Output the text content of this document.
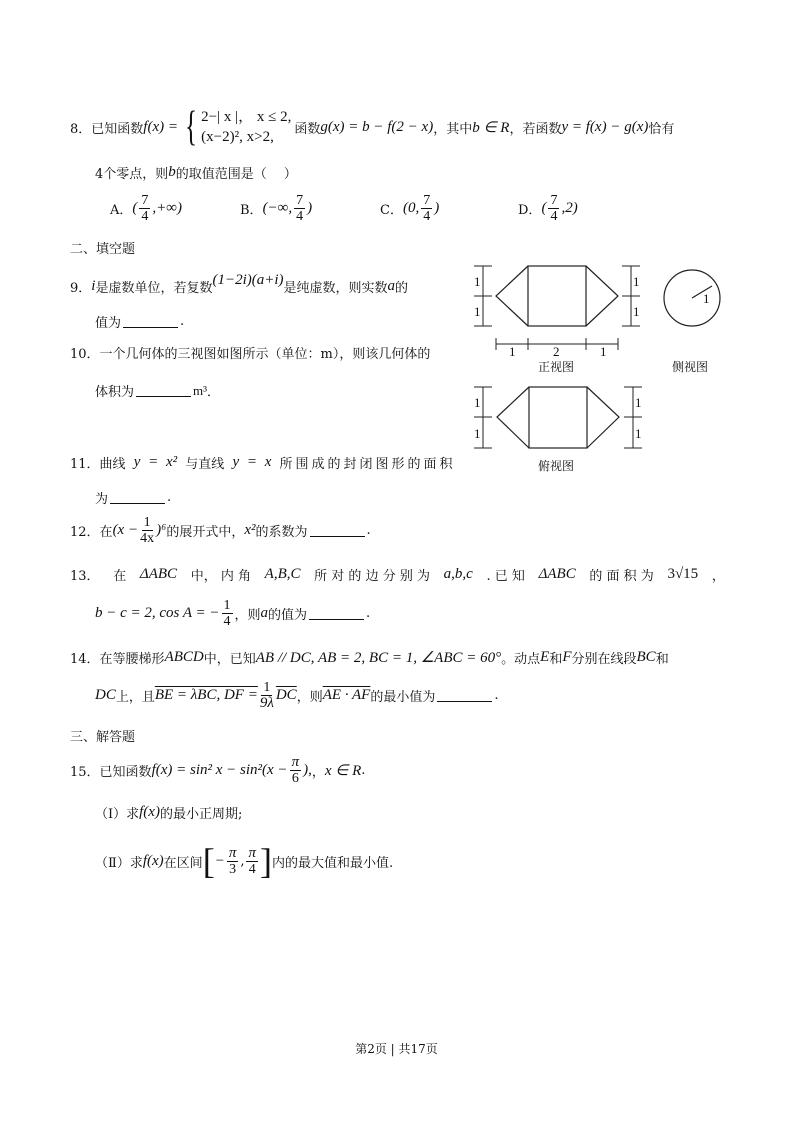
8． 已知函数 f(x) = { 2−| x |， x ≤ 2,
(x−2)², x>2,	函数 g(x) = b − f(2 − x) ，其中 b ∈ R ，若函数 y = f(x) − g(x) 恰有
4个零点，则 b 的取值范围是（　 ）
A． ( $\frac{7}{4}$ ,+∞)	B． (−∞, $\frac{7}{4}$ )	C． (0, $\frac{7}{4}$ )	D． ( $\frac{7}{4} ,2$)
二、填空题
9． i 是虚数单位，若复数
(1−2i)(a+i)
是纯虚数，则实数 a 的
值为	.
10． 一个几何体的三视图如图所示（单位：m），则该几何体的
体积为	m³ ．
1
1
1
1
1	2	1
1
1
1
1
1
正视图	侧视图
俯视图
11． 曲线
y = x²
与直线
y = x
所围成的封闭图形的面积
为	.
12． 在 $(x - \frac{1}{4x} )^6$ 的展开式中， x² 的系数为	.
13． 在 ΔABC 中， 内 角 A,B,C 所 对 的 边 分 别 为 a,b,c . 已 知 ΔABC 的 面 积 为 3√15 ，
b − c = 2, cos A = − $\frac{1}{4}$ ，则 a 的值为	.
14． 在等腰梯形 ABCD 中，已知 AB // DC, AB = 2, BC = 1, ∠ABC = 60° 。动点 E 和 F 分别在线段 BC 和
DC 上，且 BE = λBC, DF = $\frac{1}{9\lambda} \overline{DC}$ ，则 AE · AF 的最小值为	.
三、解答题
15． 已知函数 f(x) = sin² $x - \sin^2(x - \frac{\pi}{6}$ ), ， x ∈ R .
（Ⅰ）求 f(x) 的最小正周期;
（Ⅱ）求 f(x) 在区间 [ − $\frac{\pi}{3}$ , $\frac{\pi}{4}$ ] 内的最大值和最小值.
第2页 | 共17页
